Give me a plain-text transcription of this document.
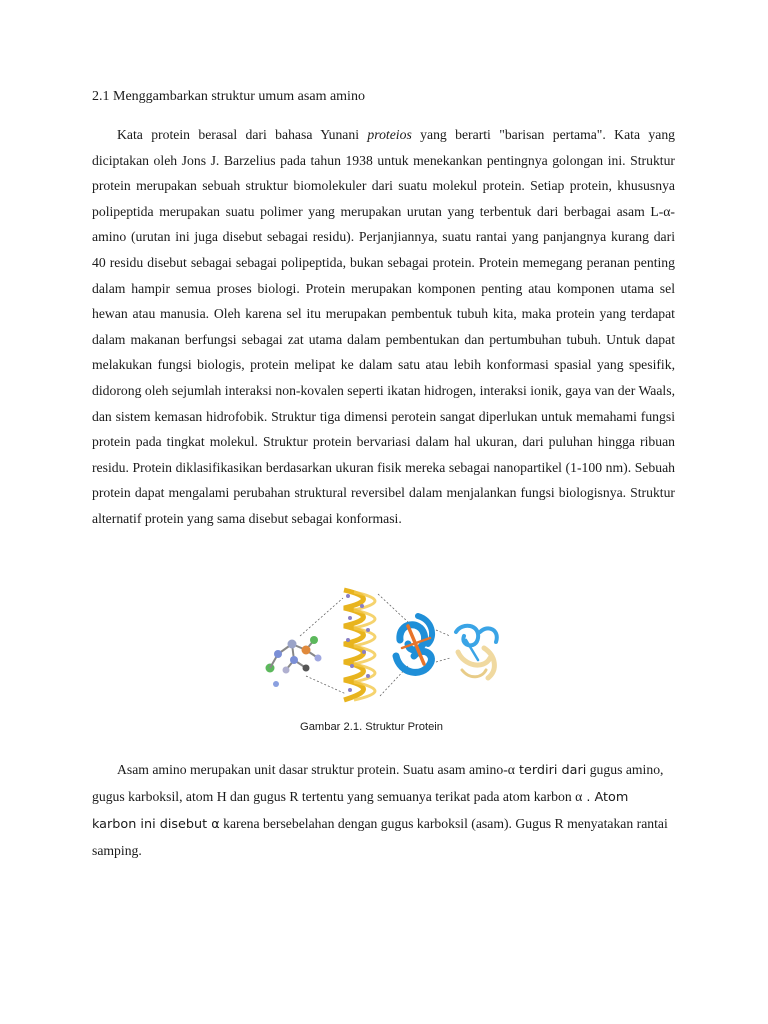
2.1 Menggambarkan struktur umum asam amino

Kata protein berasal dari bahasa Yunani proteios yang berarti "barisan pertama". Kata yang diciptakan oleh Jons J. Barzelius pada tahun 1938 untuk menekankan pentingnya golongan ini. Struktur protein merupakan sebuah struktur biomolekuler dari suatu molekul protein. Setiap protein, khususnya polipeptida merupakan suatu polimer yang merupakan urutan yang terbentuk dari berbagai asam L-α-amino (urutan ini juga disebut sebagai residu). Perjanjiannya, suatu rantai yang panjangnya kurang dari 40 residu disebut sebagai sebagai polipeptida, bukan sebagai protein. Protein memegang peranan penting dalam hampir semua proses biologi. Protein merupakan komponen penting atau komponen utama sel hewan atau manusia. Oleh karena sel itu merupakan pembentuk tubuh kita, maka protein yang terdapat dalam makanan berfungsi sebagai zat utama dalam pembentukan dan pertumbuhan tubuh. Untuk dapat melakukan fungsi biologis, protein melipat ke dalam satu atau lebih konformasi spasial yang spesifik, didorong oleh sejumlah interaksi non-kovalen seperti ikatan hidrogen, interaksi ionik, gaya van der Waals, dan sistem kemasan hidrofobik. Struktur tiga dimensi perotein sangat diperlukan untuk memahami fungsi protein pada tingkat molekul. Struktur protein bervariasi dalam hal ukuran, dari puluhan hingga ribuan residu. Protein diklasifikasikan berdasarkan ukuran fisik mereka sebagai nanopartikel (1-100 nm). Sebuah protein dapat mengalami perubahan struktural reversibel dalam menjalankan fungsi biologisnya. Struktur alternatif protein yang sama disebut sebagai konformasi.

Gambar 2.1. Struktur Protein

Asam amino merupakan unit dasar struktur protein. Suatu asam amino-α terdiri dari gugus amino, gugus karboksil, atom H dan gugus R tertentu yang semuanya terikat pada atom karbon α . Atom karbon ini disebut α karena bersebelahan dengan gugus karboksil (asam). Gugus R menyatakan rantai samping.
